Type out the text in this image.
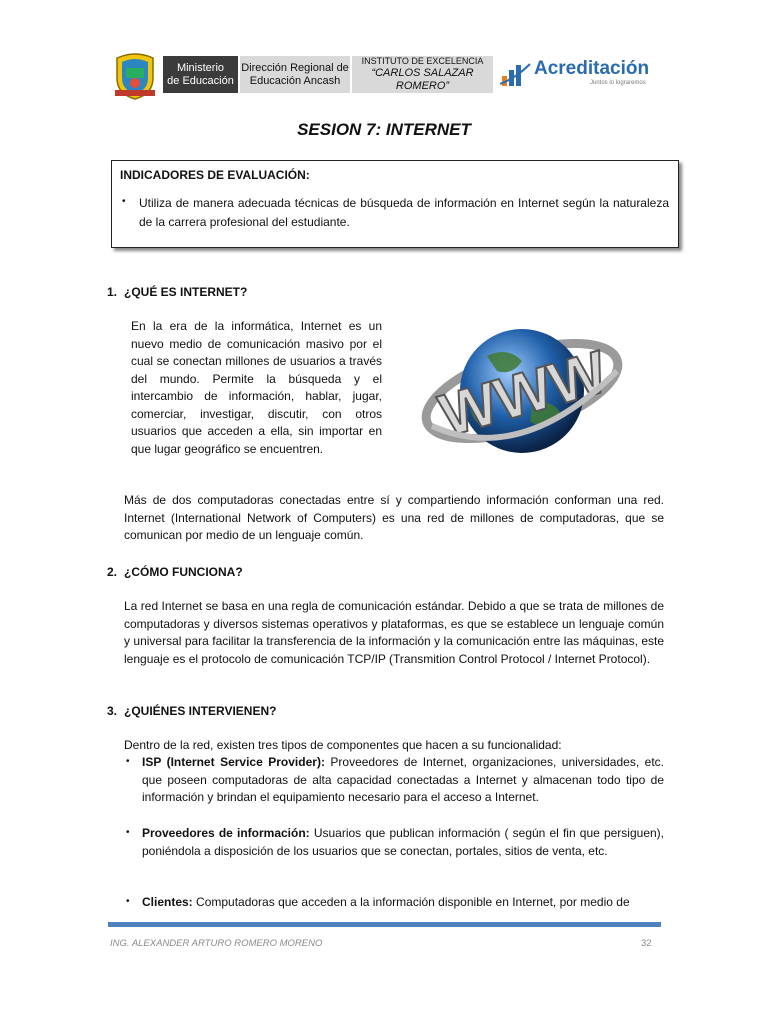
Ministerio
de Educación
Dirección Regional de
Educación Ancash
INSTITUTO DE EXCELENCIA
“CARLOS SALAZAR ROMERO”
Acreditación
Juntos lo lograremos
SESION 7: INTERNET
INDICADORES DE EVALUACIÓN:
• Utiliza de manera adecuada técnicas de búsqueda de información en Internet según la naturaleza de la carrera profesional del estudiante.
1. ¿QUÉ ES INTERNET?
En la era de la informática, Internet es un nuevo medio de comunicación masivo por el cual se conectan millones de usuarios a través del mundo. Permite la búsqueda y el intercambio de información, hablar, jugar, comerciar, investigar, discutir, con otros usuarios que acceden a ella, sin importar en que lugar geográfico se encuentren.	WWW
Más de dos computadoras conectadas entre sí y compartiendo información conforman una red. Internet (International Network of Computers) es una red de millones de computadoras, que se comunican por medio de un lenguaje común.
2. ¿CÓMO FUNCIONA?
La red Internet se basa en una regla de comunicación estándar. Debido a que se trata de millones de computadoras y diversos sistemas operativos y plataformas, es que se establece un lenguaje común y universal para facilitar la transferencia de la información y la comunicación entre las máquinas, este lenguaje es el protocolo de comunicación TCP/IP (Transmition Control Protocol / Internet Protocol).
3. ¿QUIÉNES INTERVIENEN?
Dentro de la red, existen tres tipos de componentes que hacen a su funcionalidad:
• ISP (Internet Service Provider): Proveedores de Internet, organizaciones, universidades, etc. que poseen computadoras de alta capacidad conectadas a Internet y almacenan todo tipo de información y brindan el equipamiento necesario para el acceso a Internet.
• Proveedores de información: Usuarios que publican información ( según el fin que persiguen), poniéndola a disposición de los usuarios que se conectan, portales, sitios de venta, etc.
• Clientes: Computadoras que acceden a la información disponible en Internet, por medio de
ING. ALEXANDER ARTURO ROMERO MORENO	32
